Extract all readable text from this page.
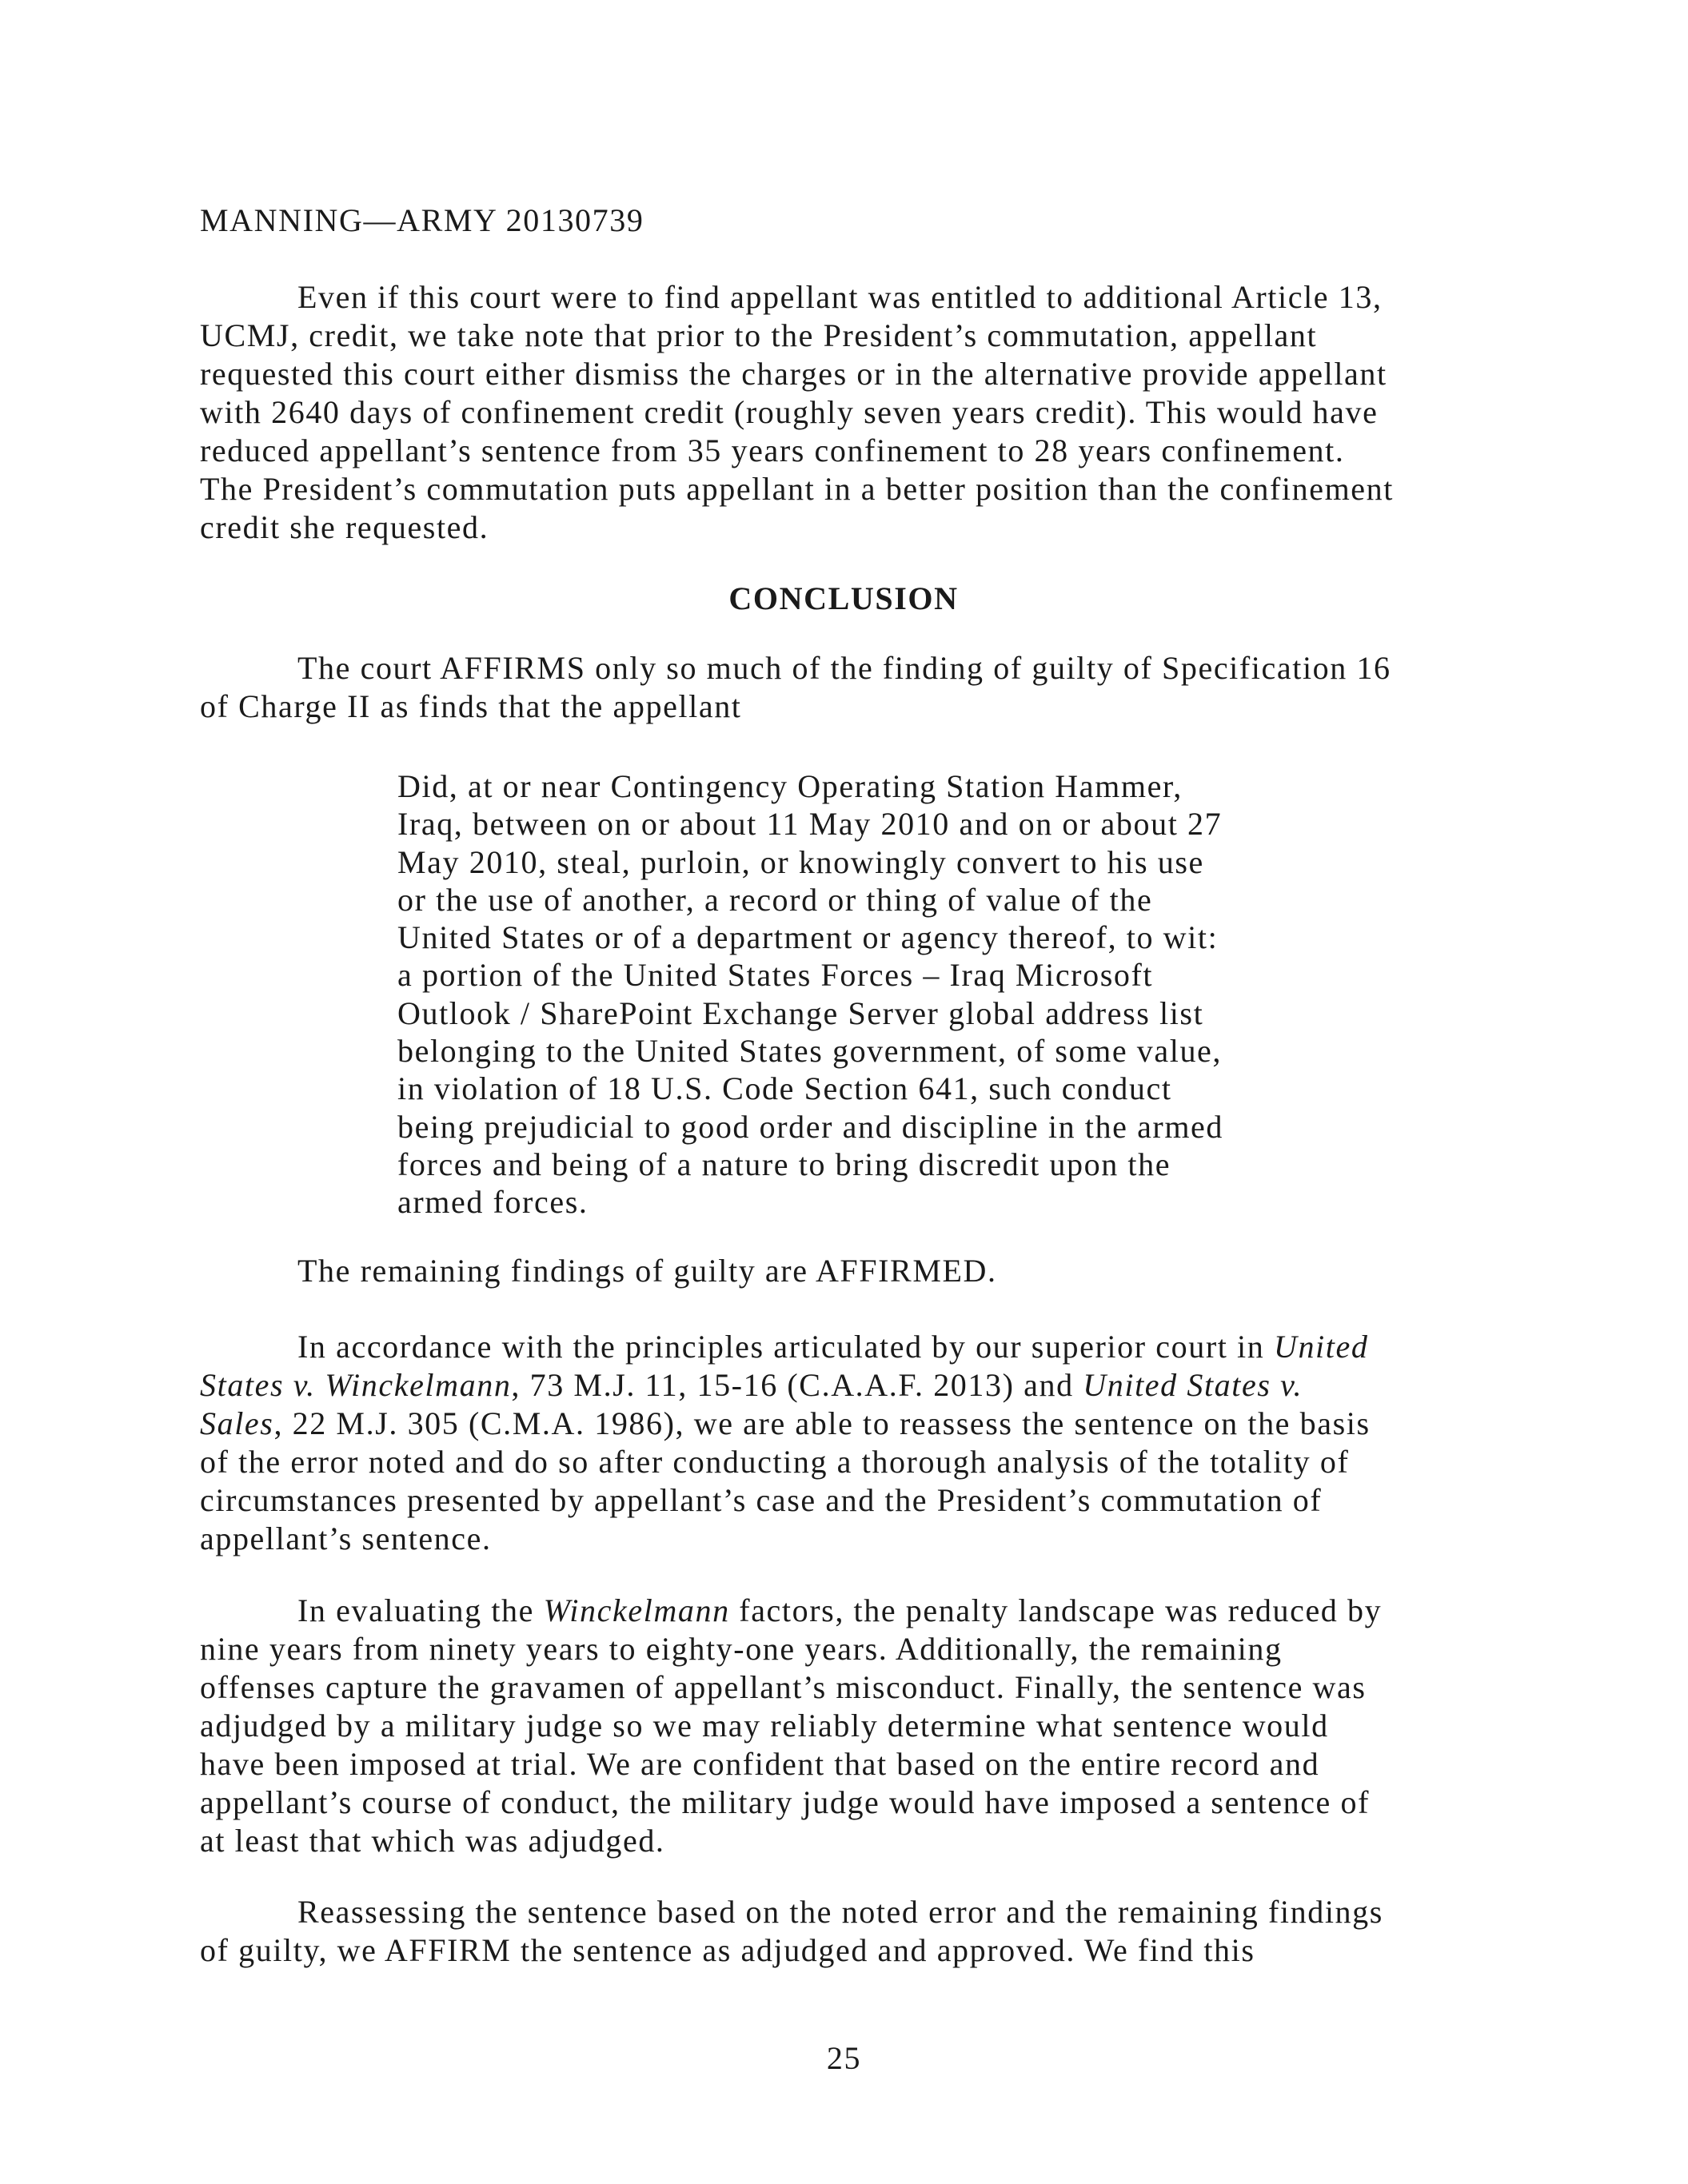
MANNING—ARMY 20130739

Even if this court were to find appellant was entitled to additional Article 13,
UCMJ, credit, we take note that prior to the President’s commutation, appellant
requested this court either dismiss the charges or in the alternative provide appellant
with 2640 days of confinement credit (roughly seven years credit). This would have
reduced appellant’s sentence from 35 years confinement to 28 years confinement.
The President’s commutation puts appellant in a better position than the confinement
credit she requested.

CONCLUSION

The court AFFIRMS only so much of the finding of guilty of Specification 16
of Charge II as finds that the appellant

Did, at or near Contingency Operating Station Hammer,
Iraq, between on or about 11 May 2010 and on or about 27
May 2010, steal, purloin, or knowingly convert to his use
or the use of another, a record or thing of value of the
United States or of a department or agency thereof, to wit:
a portion of the United States Forces – Iraq Microsoft
Outlook / SharePoint Exchange Server global address list
belonging to the United States government, of some value,
in violation of 18 U.S. Code Section 641, such conduct
being prejudicial to good order and discipline in the armed
forces and being of a nature to bring discredit upon the
armed forces.

The remaining findings of guilty are AFFIRMED.

In accordance with the principles articulated by our superior court in United
States v. Winckelmann, 73 M.J. 11, 15-16 (C.A.A.F. 2013) and United States v.
Sales, 22 M.J. 305 (C.M.A. 1986), we are able to reassess the sentence on the basis
of the error noted and do so after conducting a thorough analysis of the totality of
circumstances presented by appellant’s case and the President’s commutation of
appellant’s sentence.

In evaluating the Winckelmann factors, the penalty landscape was reduced by
nine years from ninety years to eighty-one years. Additionally, the remaining
offenses capture the gravamen of appellant’s misconduct. Finally, the sentence was
adjudged by a military judge so we may reliably determine what sentence would
have been imposed at trial. We are confident that based on the entire record and
appellant’s course of conduct, the military judge would have imposed a sentence of
at least that which was adjudged.

Reassessing the sentence based on the noted error and the remaining findings
of guilty, we AFFIRM the sentence as adjudged and approved. We find this

25
